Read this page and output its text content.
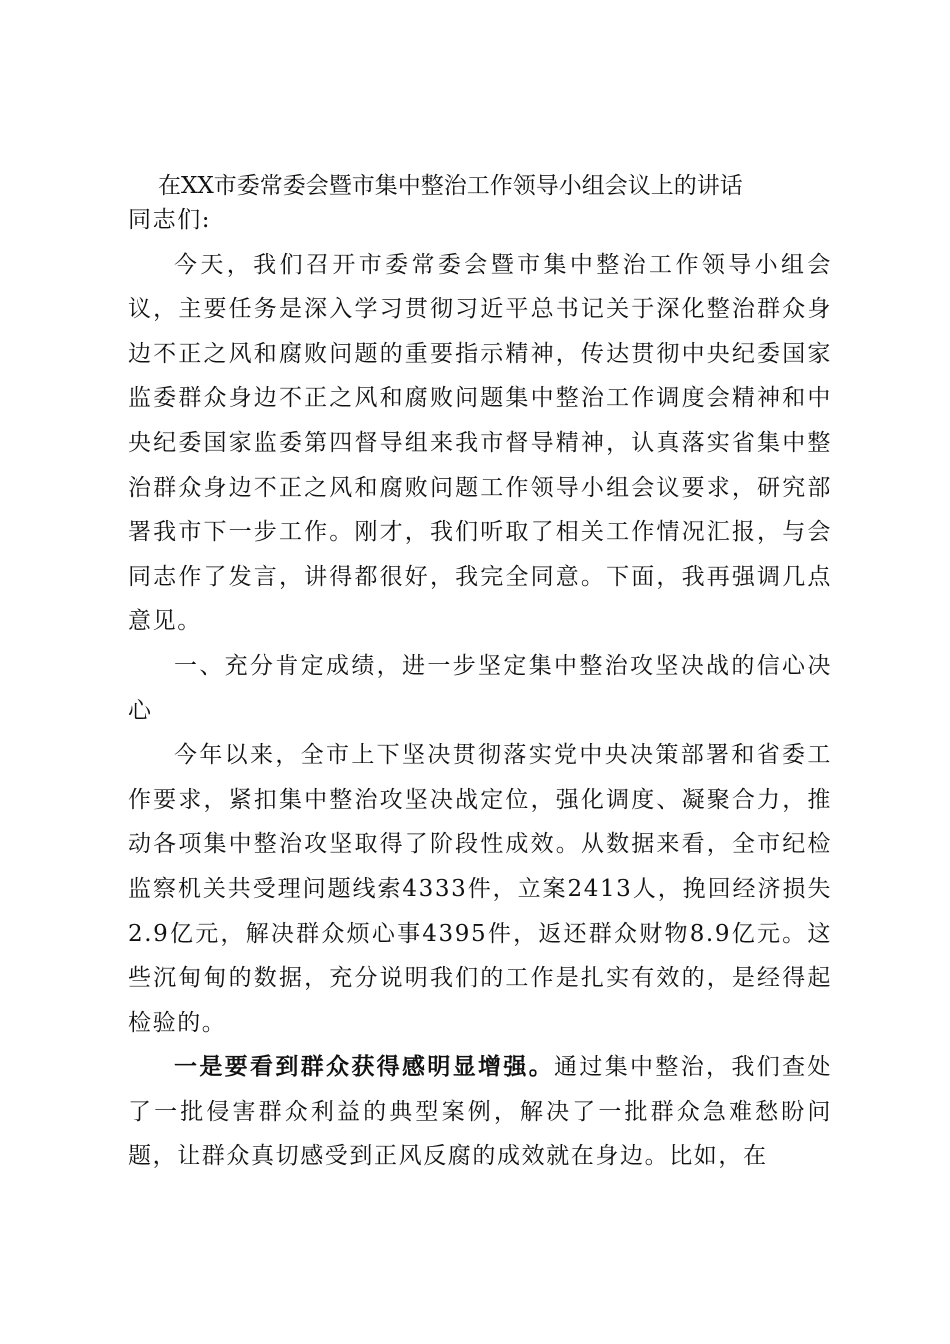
在XX市委常委会暨市集中整治工作领导小组会议上的讲话

同志们:

今天，我们召开市委常委会暨市集中整治工作领导小组会议，主要任务是深入学习贯彻习近平总书记关于深化整治群众身边不正之风和腐败问题的重要指示精神，传达贯彻中央纪委国家监委群众身边不正之风和腐败问题集中整治工作调度会精神和中央纪委国家监委第四督导组来我市督导精神，认真落实省集中整治群众身边不正之风和腐败问题工作领导小组会议要求，研究部署我市下一步工作。刚才，我们听取了相关工作情况汇报，与会同志作了发言，讲得都很好，我完全同意。下面，我再强调几点意见。

一、充分肯定成绩，进一步坚定集中整治攻坚决战的信心决心

今年以来，全市上下坚决贯彻落实党中央决策部署和省委工作要求，紧扣集中整治攻坚决战定位，强化调度、凝聚合力，推动各项集中整治攻坚取得了阶段性成效。从数据来看，全市纪检监察机关共受理问题线索4333件，立案2413人，挽回经济损失2.9亿元，解决群众烦心事4395件，返还群众财物8.9亿元。这些沉甸甸的数据，充分说明我们的工作是扎实有效的，是经得起检验的。

一是要看到群众获得感明显增强。通过集中整治，我们查处了一批侵害群众利益的典型案例，解决了一批群众急难愁盼问题，让群众真切感受到正风反腐的成效就在身边。比如，在
